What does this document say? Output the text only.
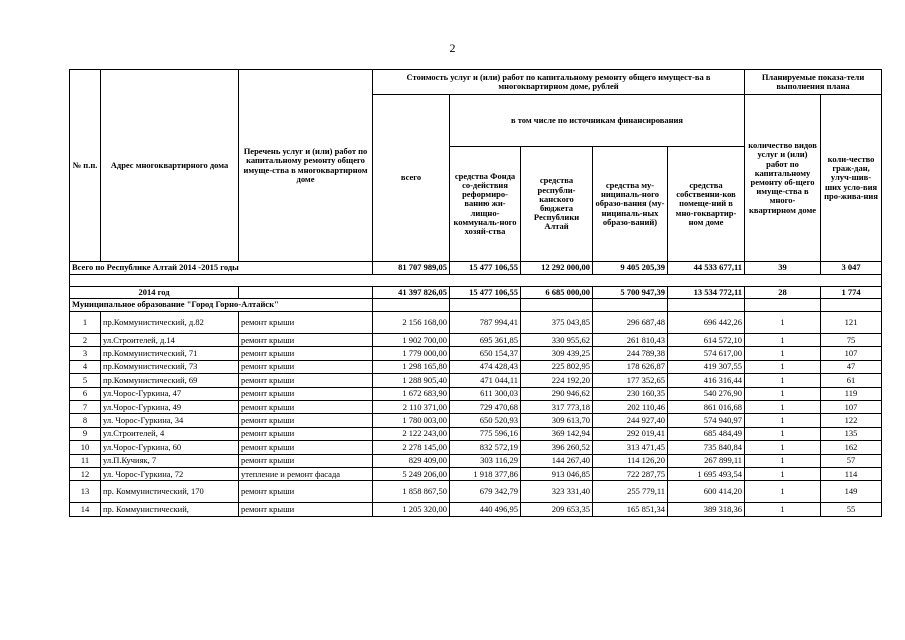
2
№ п.п.	Адрес многоквартирного дома	Перечень услуг и (или) работ по капитальному ремонту общего имуще-ства в многоквартирном доме	Стоимость услуг и (или) работ по капитальному ремонту общего имущест-ва в многоквартирном доме, рублей					Планируемые показа-тели выполнения плана	
			всего	в том числе по источникам финансирования				количество видов услуг и (или) работ по капитальному ремонту об-щего имуще-ства в много-квартирном доме	коли-чество граж-дан, улуч-шив-ших усло-вия про-жива-ния
				средства Фонда со-действия реформиро-ванию жи-лищно-коммуналь-ного хозяй-ства	средства республи-канского бюджета Республики Алтай	средства му-ниципаль-ного образо-вания (му-ниципаль-ных образо-ваний)	средства собственни-ков помеще-ний в мно-гоквартир-ном доме		
Всего по Республике Алтай 2014 -2015 годы			81 707 989,05	15 477 106,55	12 292 000,00	9 405 205,39	44 533 677,11	39	3 047

2014 год			41 397 826,05	15 477 106,55	6 685 000,00	5 700 947,39	13 534 772,11	28	1 774
Муниципальное образование "Город Горно-Алтайск"									
1	пр.Коммунистический, д.82	ремонт крыши	2 156 168,00	787 994,41	375 043,85	296 687,48	696 442,26	1	121
2	ул.Строителей, д.14	ремонт крыши	1 902 700,00	695 361,85	330 955,62	261 810,43	614 572,10	1	75
3	пр.Коммунистический, 71	ремонт крыши	1 779 000,00	650 154,37	309 439,25	244 789,38	574 617,00	1	107
4	пр.Коммунистический, 73	ремонт крыши	1 298 165,80	474 428,43	225 802,95	178 626,87	419 307,55	1	47
5	пр.Коммунистический, 69	ремонт крыши	1 288 905,40	471 044,11	224 192,20	177 352,65	416 316,44	1	61
6	ул.Чорос-Гуркина, 47	ремонт крыши	1 672 683,90	611 300,03	290 946,62	230 160,35	540 276,90	1	119
7	ул.Чорос-Гуркина, 49	ремонт крыши	2 110 371,00	729 470,68	317 773,18	202 110,46	861 016,68	1	107
8	ул. Чорос-Гуркина, 34	ремонт крыши	1 780 003,00	650 520,93	309 613,70	244 927,40	574 940,97	1	122
9	ул.Строителей, 4	ремонт крыши	2 122 243,00	775 596,16	369 142,94	292 019,41	685 484,49	1	135
10	ул.Чорос-Гуркина, 60	ремонт крыши	2 278 145,00	832 572,19	396 260,52	313 471,45	735 840,84	1	162
11	ул.П.Кучияк, 7	ремонт крыши	829 409,00	303 116,29	144 267,40	114 126,20	267 899,11	1	57
12	ул. Чорос-Гуркина, 72	утепление и ремонт фасада	5 249 206,00	1 918 377,86	913 046,85	722 287,75	1 695 493,54	1	114
13	пр. Коммунистический, 170	ремонт крыши	1 858 867,50	679 342,79	323 331,40	255 779,11	600 414,20	1	149
14	пр. Коммунистический,	ремонт крыши	1 205 320,00	440 496,95	209 653,35	165 851,34	389 318,36	1	55
